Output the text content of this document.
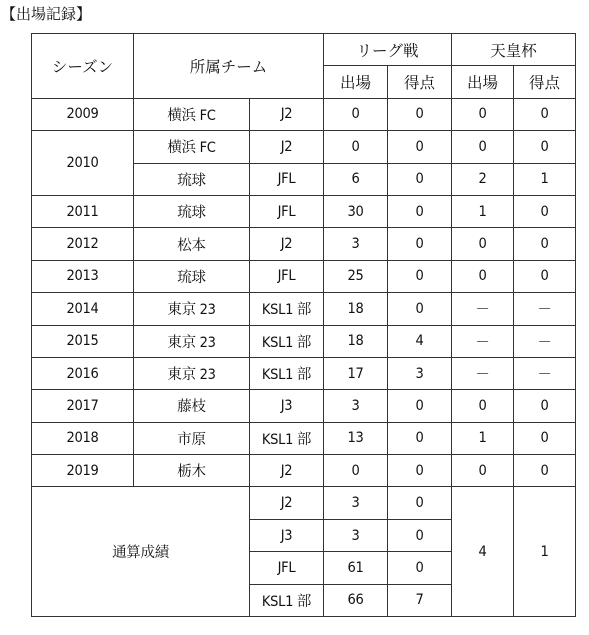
【出場記録】
シーズン	所属チーム		リーグ戦		天皇杯	
			出場	得点	出場	得点
2009	横浜 FC	J2	0	0	0	0
2010	横浜 FC	J2	0	0	0	0
	琉球	JFL	6	0	2	1
2011	琉球	JFL	30	0	1	0
2012	松本	J2	3	0	0	0
2013	琉球	JFL	25	0	0	0
2014	東京 23	KSL1 部	18	0	－	－
2015	東京 23	KSL1 部	18	4	－	－
2016	東京 23	KSL1 部	17	3	－	－
2017	藤枝	J3	3	0	0	0
2018	市原	KSL1 部	13	0	1	0
2019	栃木	J2	0	0	0	0
通算成績		J2	3	0	4	1
		J3	3	0		
		JFL	61	0		
		KSL1 部	66	7		
